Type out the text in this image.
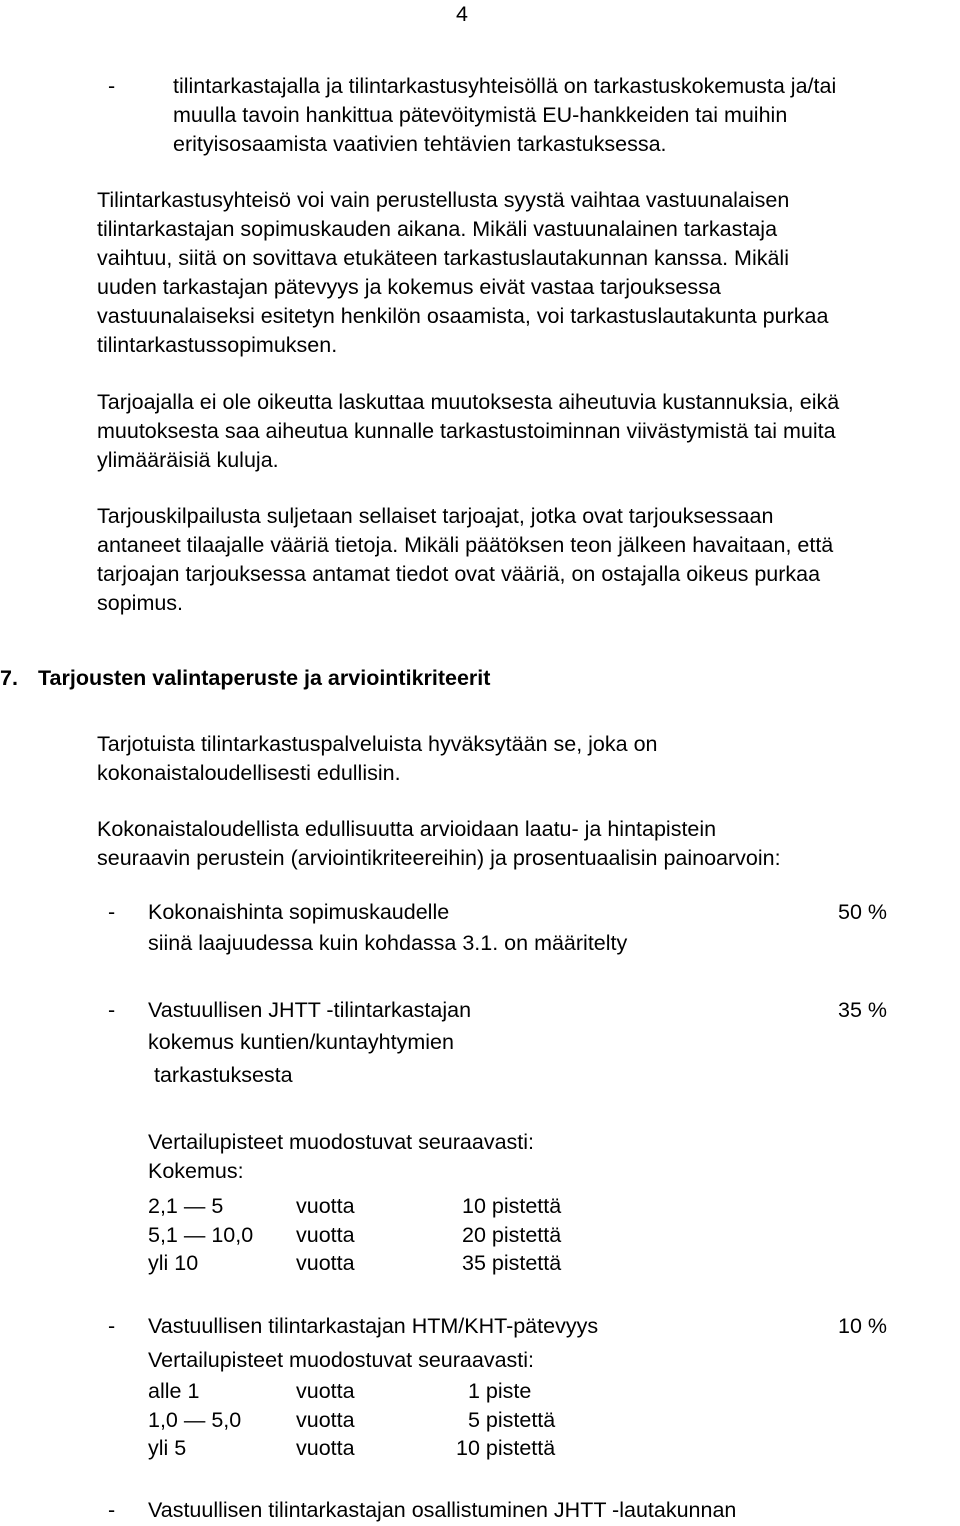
4
-	tilintarkastajalla ja tilintarkastusyhteisöllä on tarkastuskokemusta ja/tai
muulla tavoin hankittua pätevöitymistä EU-hankkeiden tai muihin
erityisosaamista vaativien tehtävien tarkastuksessa.
Tilintarkastusyhteisö voi vain perustellusta syystä vaihtaa vastuunalaisen
tilintarkastajan sopimuskauden aikana. Mikäli vastuunalainen tarkastaja
vaihtuu, siitä on sovittava etukäteen tarkastuslautakunnan kanssa. Mikäli
uuden tarkastajan pätevyys ja kokemus eivät vastaa tarjouksessa
vastuunalaiseksi esitetyn henkilön osaamista, voi tarkastuslautakunta purkaa
tilintarkastussopimuksen.
Tarjoajalla ei ole oikeutta laskuttaa muutoksesta aiheutuvia kustannuksia, eikä
muutoksesta saa aiheutua kunnalle tarkastustoiminnan viivästymistä tai muita
ylimääräisiä kuluja.
Tarjouskilpailusta suljetaan sellaiset tarjoajat, jotka ovat tarjouksessaan
antaneet tilaajalle vääriä tietoja. Mikäli päätöksen teon jälkeen havaitaan, että
tarjoajan tarjouksessa antamat tiedot ovat vääriä, on ostajalla oikeus purkaa
sopimus.
7. Tarjousten valintaperuste ja arviointikriteerit
Tarjotuista tilintarkastuspalveluista hyväksytään se, joka on
kokonaistaloudellisesti edullisin.
Kokonaistaloudellista edullisuutta arvioidaan laatu- ja hintapistein
seuraavin perustein (arviointikriteereihin) ja prosentuaalisin painoarvoin:
- Kokonaishinta sopimuskaudelle
siinä laajuudessa kuin kohdassa 3.1. on määritelty
50 %
- Vastuullisen JHTT -tilintarkastajan
kokemus kuntien/kuntayhtymien
tarkastuksesta
35 %
Vertailupisteet muodostuvat seuraavasti:
Kokemus:
2,1 — 5	vuotta	10 pistettä
5,1 — 10,0 vuotta	20 pistettä
yli 10	vuotta	35 pistettä
- Vastuullisen tilintarkastajan HTM/KHT-pätevyys	10 %
Vertailupisteet muodostuvat seuraavasti:
alle 1	vuotta	1 piste
1,0 — 5,0	vuotta	5 pistettä
yli 5	vuotta	10 pistettä
- Vastuullisen tilintarkastajan osallistuminen JHTT -lautakunnan
